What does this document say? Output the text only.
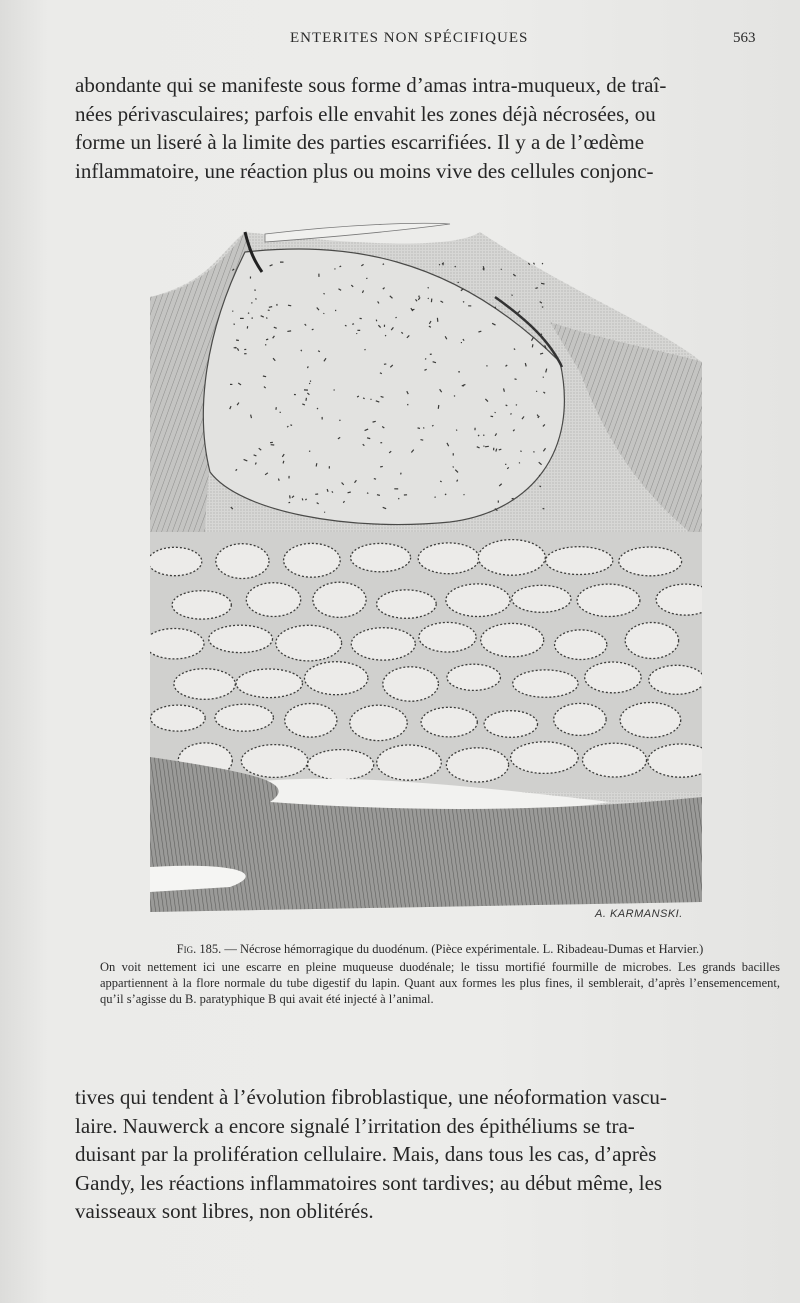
ENTERITES NON SPÉCIFIQUES	563

abondante qui se manifeste sous forme d’amas intra-muqueux, de traî-
nées périvasculaires; parfois elle envahit les zones déjà nécrosées, ou
forme un liseré à la limite des parties escarrifiées. Il y a de l’œdème
inflammatoire, une réaction plus ou moins vive des cellules conjonc-

A. KARMANSKI.

Fig. 185. — Nécrose hémorragique du duodénum. (Pièce expérimentale. L. Ribadeau-Dumas et Harvier.)

On voit nettement ici une escarre en pleine muqueuse duodénale; le tissu mortifié fourmille de microbes. Les grands bacilles appartiennent à la flore normale du tube digestif du lapin. Quant aux formes les plus fines, il semblerait, d’après l’ensemencement, qu’il s’agisse du B. paratyphique B qui avait été injecté à l’animal.

tives qui tendent à l’évolution fibroblastique, une néoformation vascu-
laire. Nauwerck a encore signalé l’irritation des épithéliums se tra-
duisant par la prolifération cellulaire. Mais, dans tous les cas, d’après
Gandy, les réactions inflammatoires sont tardives; au début même, les
vaisseaux sont libres, non oblitérés.
